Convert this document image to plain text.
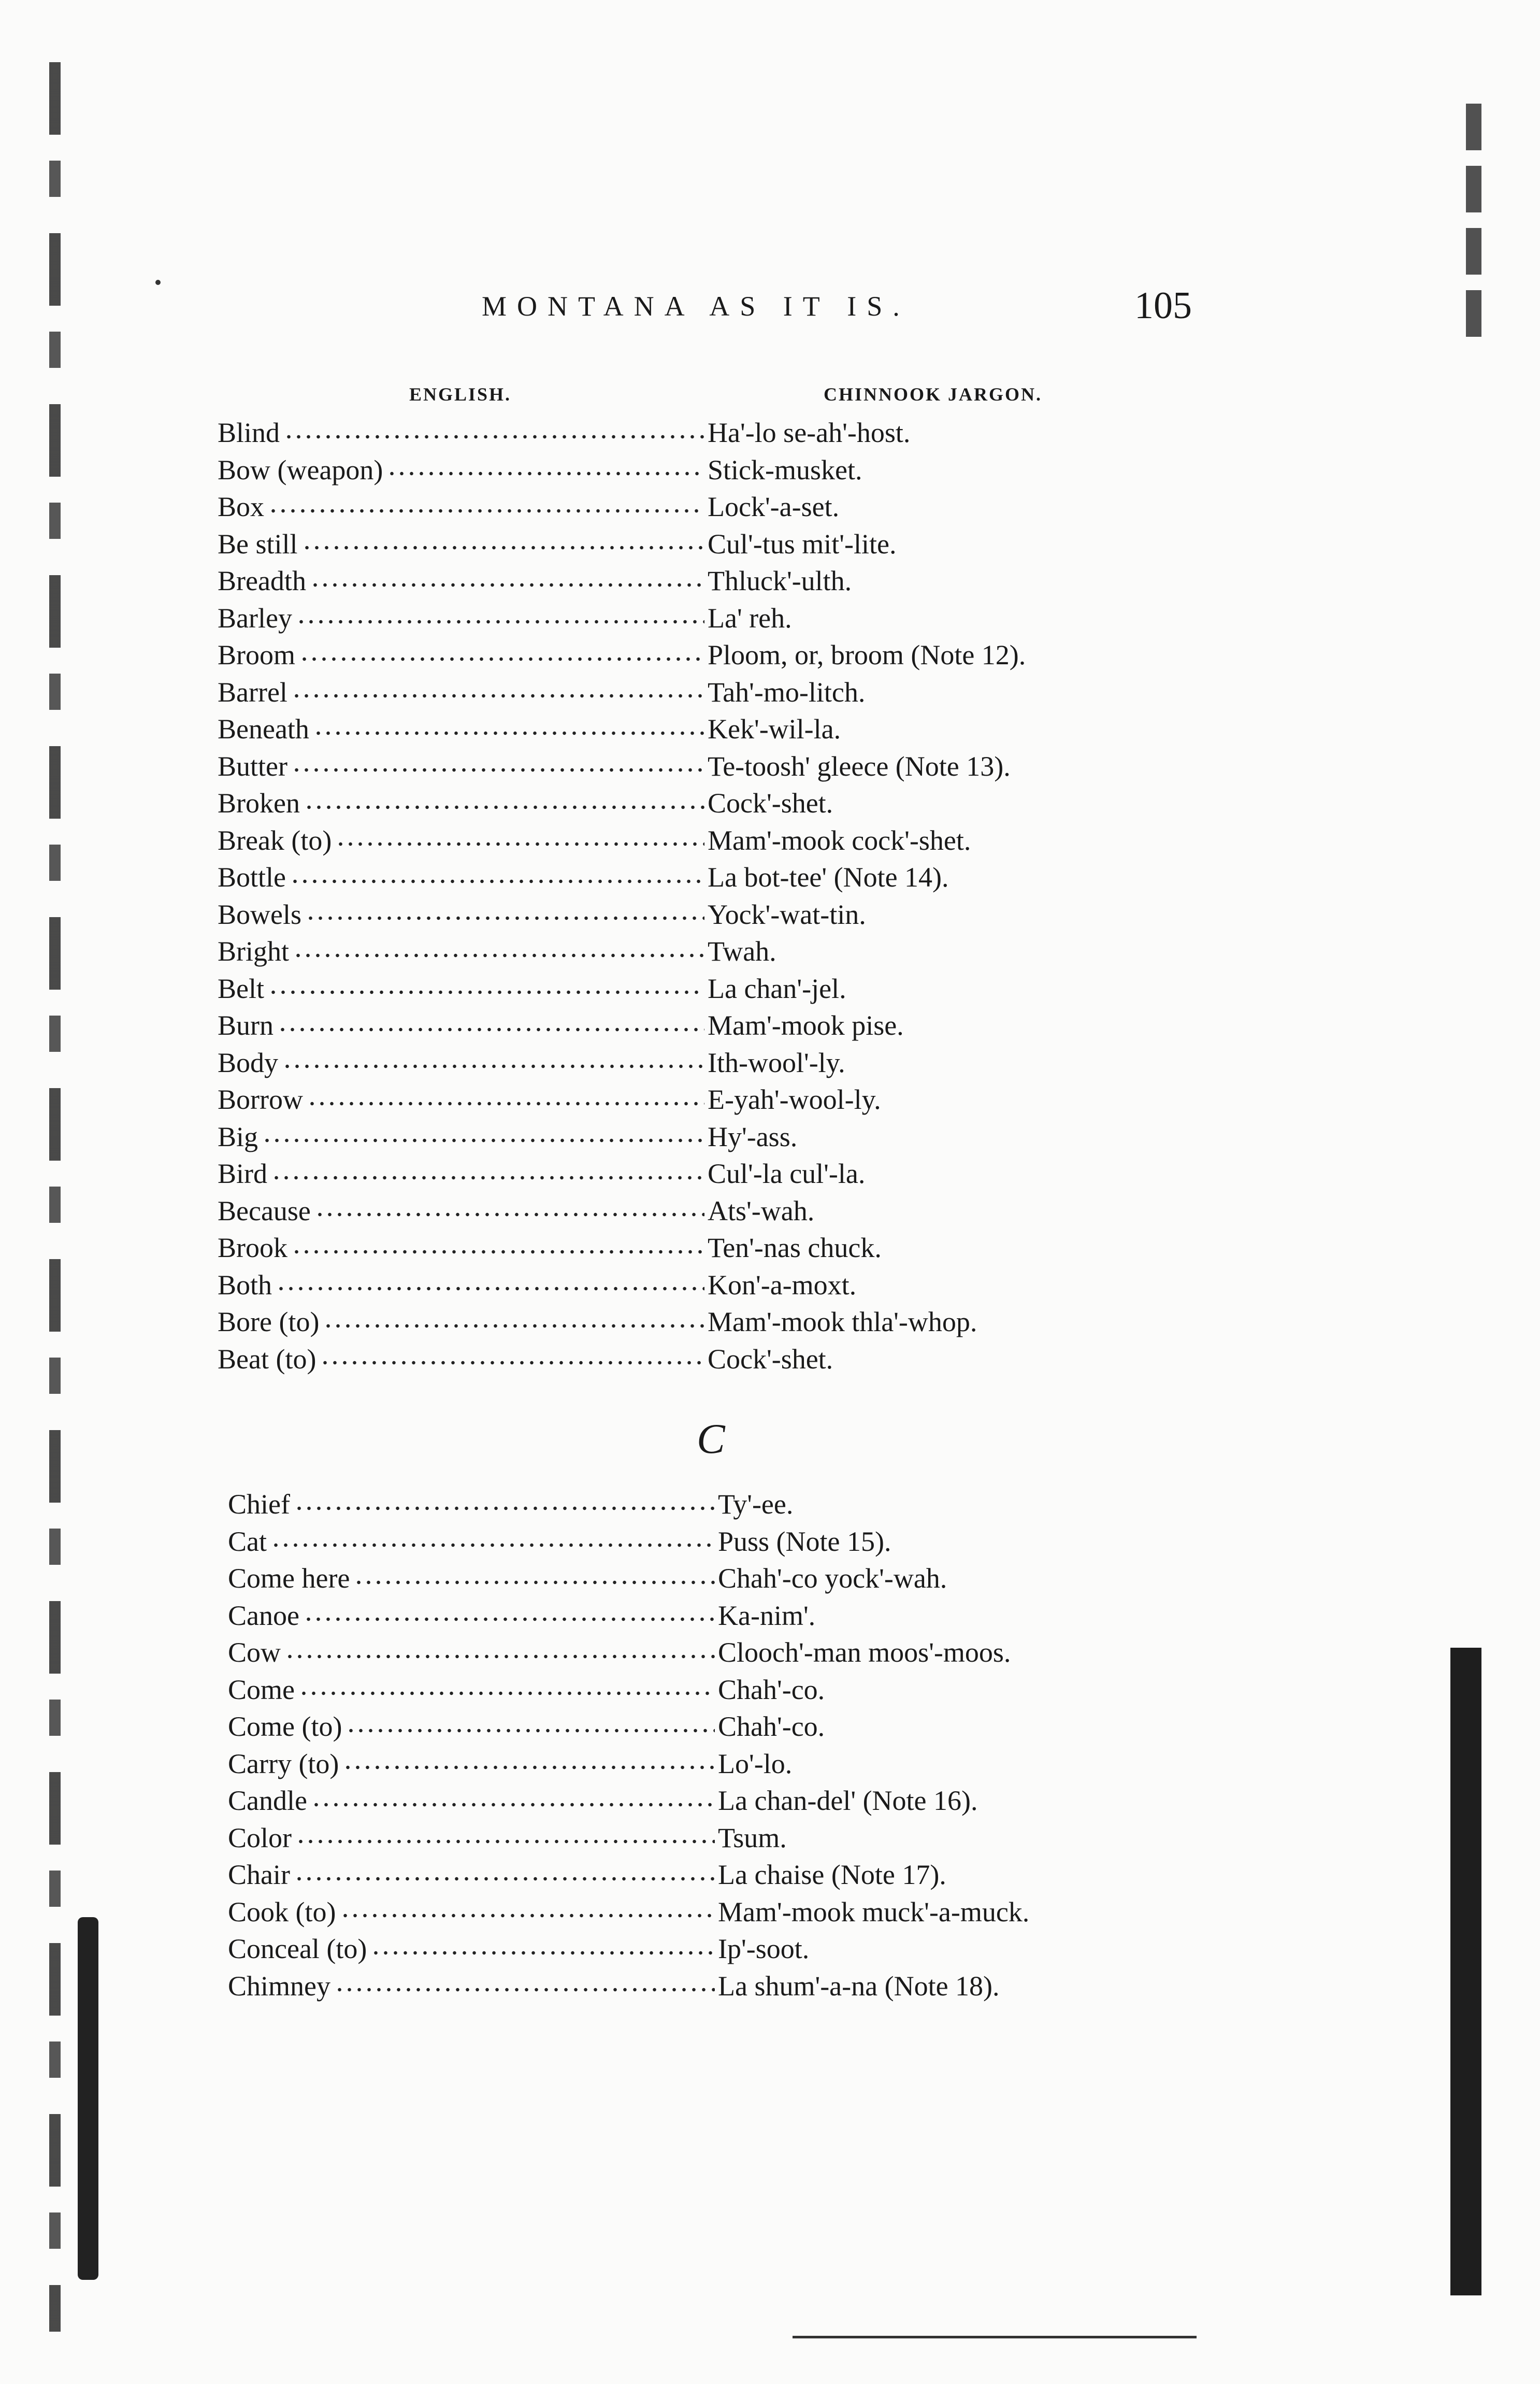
MONTANA AS IT IS.	105
ENGLISH.	CHINNOOK JARGON.
Blind	Ha'-lo se-ah'-host.
Bow (weapon)	Stick-musket.
Box	Lock'-a-set.
Be still	Cul'-tus mit'-lite.
Breadth	Thluck'-ulth.
Barley	La' reh.
Broom	Ploom, or, broom (Note 12).
Barrel	Tah'-mo-litch.
Beneath	Kek'-wil-la.
Butter	Te-toosh' gleece (Note 13).
Broken	Cock'-shet.
Break (to)	Mam'-mook cock'-shet.
Bottle	La bot-tee' (Note 14).
Bowels	Yock'-wat-tin.
Bright	Twah.
Belt	La chan'-jel.
Burn	Mam'-mook pise.
Body	Ith-wool'-ly.
Borrow	E-yah'-wool-ly.
Big	Hy'-ass.
Bird	Cul'-la cul'-la.
Because	Ats'-wah.
Brook	Ten'-nas chuck.
Both	Kon'-a-moxt.
Bore (to)	Mam'-mook thla'-whop.
Beat (to)	Cock'-shet.
C
Chief	Ty'-ee.
Cat	Puss (Note 15).
Come here	Chah'-co yock'-wah.
Canoe	Ka-nim'.
Cow	Clooch'-man moos'-moos.
Come	Chah'-co.
Come (to)	Chah'-co.
Carry (to)	Lo'-lo.
Candle	La chan-del' (Note 16).
Color	Tsum.
Chair	La chaise (Note 17).
Cook (to)	Mam'-mook muck'-a-muck.
Conceal (to)	Ip'-soot.
Chimney	La shum'-a-na (Note 18).
